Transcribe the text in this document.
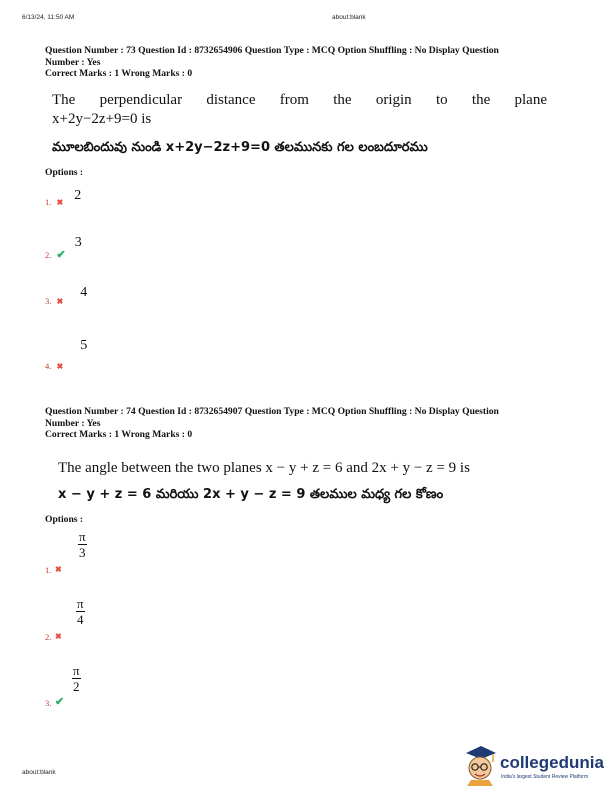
6/13/24, 11:50 AM	about:blank
Question Number : 73 Question Id : 8732654906 Question Type : MCQ Option Shuffling : No Display Question
Number : Yes
Correct Marks : 1 Wrong Marks : 0
The perpendicular distance from the origin to the plane
x+2y−2z+9=0 is
మూలబిందువు నుండి x+2y−2z+9=0 తలమునకు గల లంబదూరము
Options :
1. ✖ 2
2. ✔ 3
3. ✖ 4
4. ✖ 5
Question Number : 74 Question Id : 8732654907 Question Type : MCQ Option Shuffling : No Display Question
Number : Yes
Correct Marks : 1 Wrong Marks : 0
The angle between the two planes x − y + z = 6 and 2x + y − z = 9 is
x − y + z = 6 మరియు 2x + y − z = 9 తలముల మధ్య గల కోణం
Options :
1. ✖
π
3
2. ✖
π
4
3. ✔
π
2
about:blank
collegedunia
India's largest Student Review Platform
